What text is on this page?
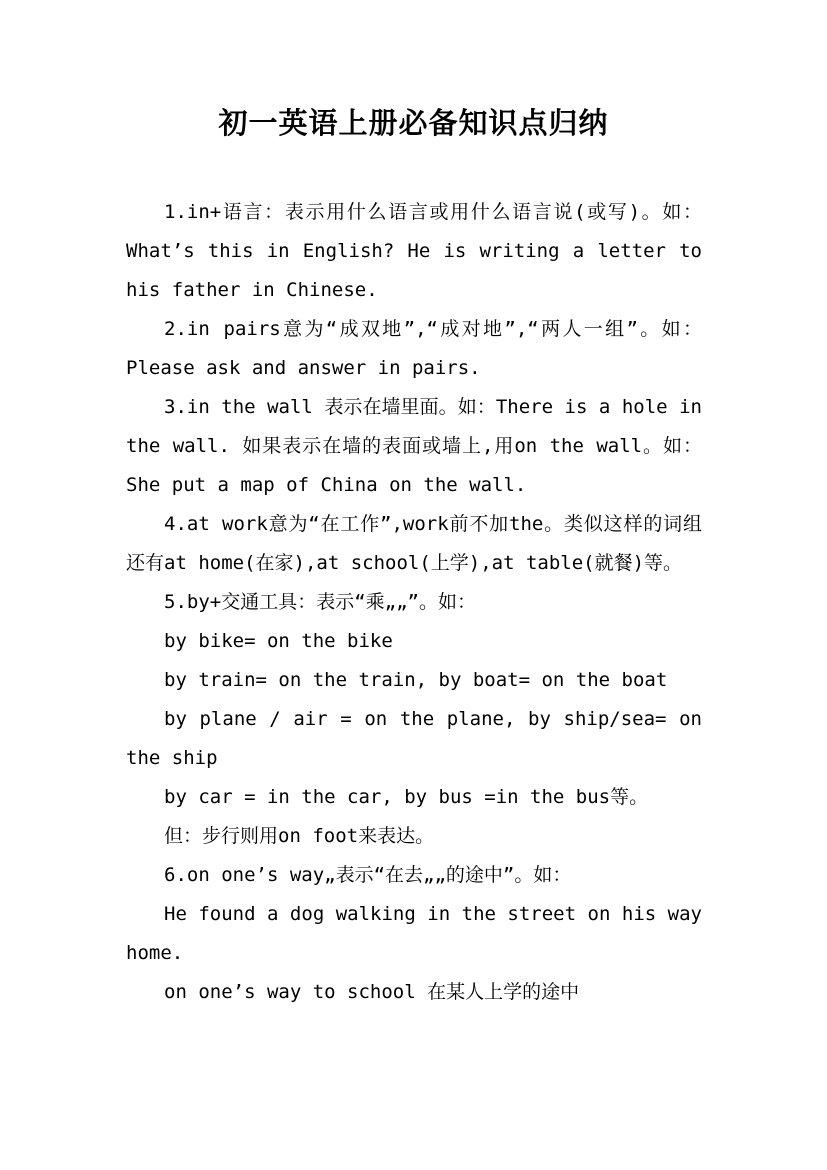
初一英语上册必备知识点归纳

1.in+语言：表示用什么语言或用什么语言说(或写)。如：What’s this in English? He is writing a letter to his father in Chinese.

2.in pairs意为“成双地”,“成对地”,“两人一组”。如：Please ask and answer in pairs.

3.in the wall 表示在墙里面。如：There is a hole in the wall. 如果表示在墙的表面或墙上,用on the wall。如：She put a map of China on the wall.

4.at work意为“在工作”,work前不加the。类似这样的词组还有at home(在家),at school(上学),at table(就餐)等。

5.by+交通工具：表示“乘„„”。如：

by bike= on the bike

by train= on the train, by boat= on the boat

by plane / air = on the plane, by ship/sea= on the ship

by car = in the car, by bus =in the bus等。

但：步行则用on foot来表达。

6.on one’s way„表示“在去„„的途中”。如：

He found a dog walking in the street on his way home.

on one’s way to school 在某人上学的途中
